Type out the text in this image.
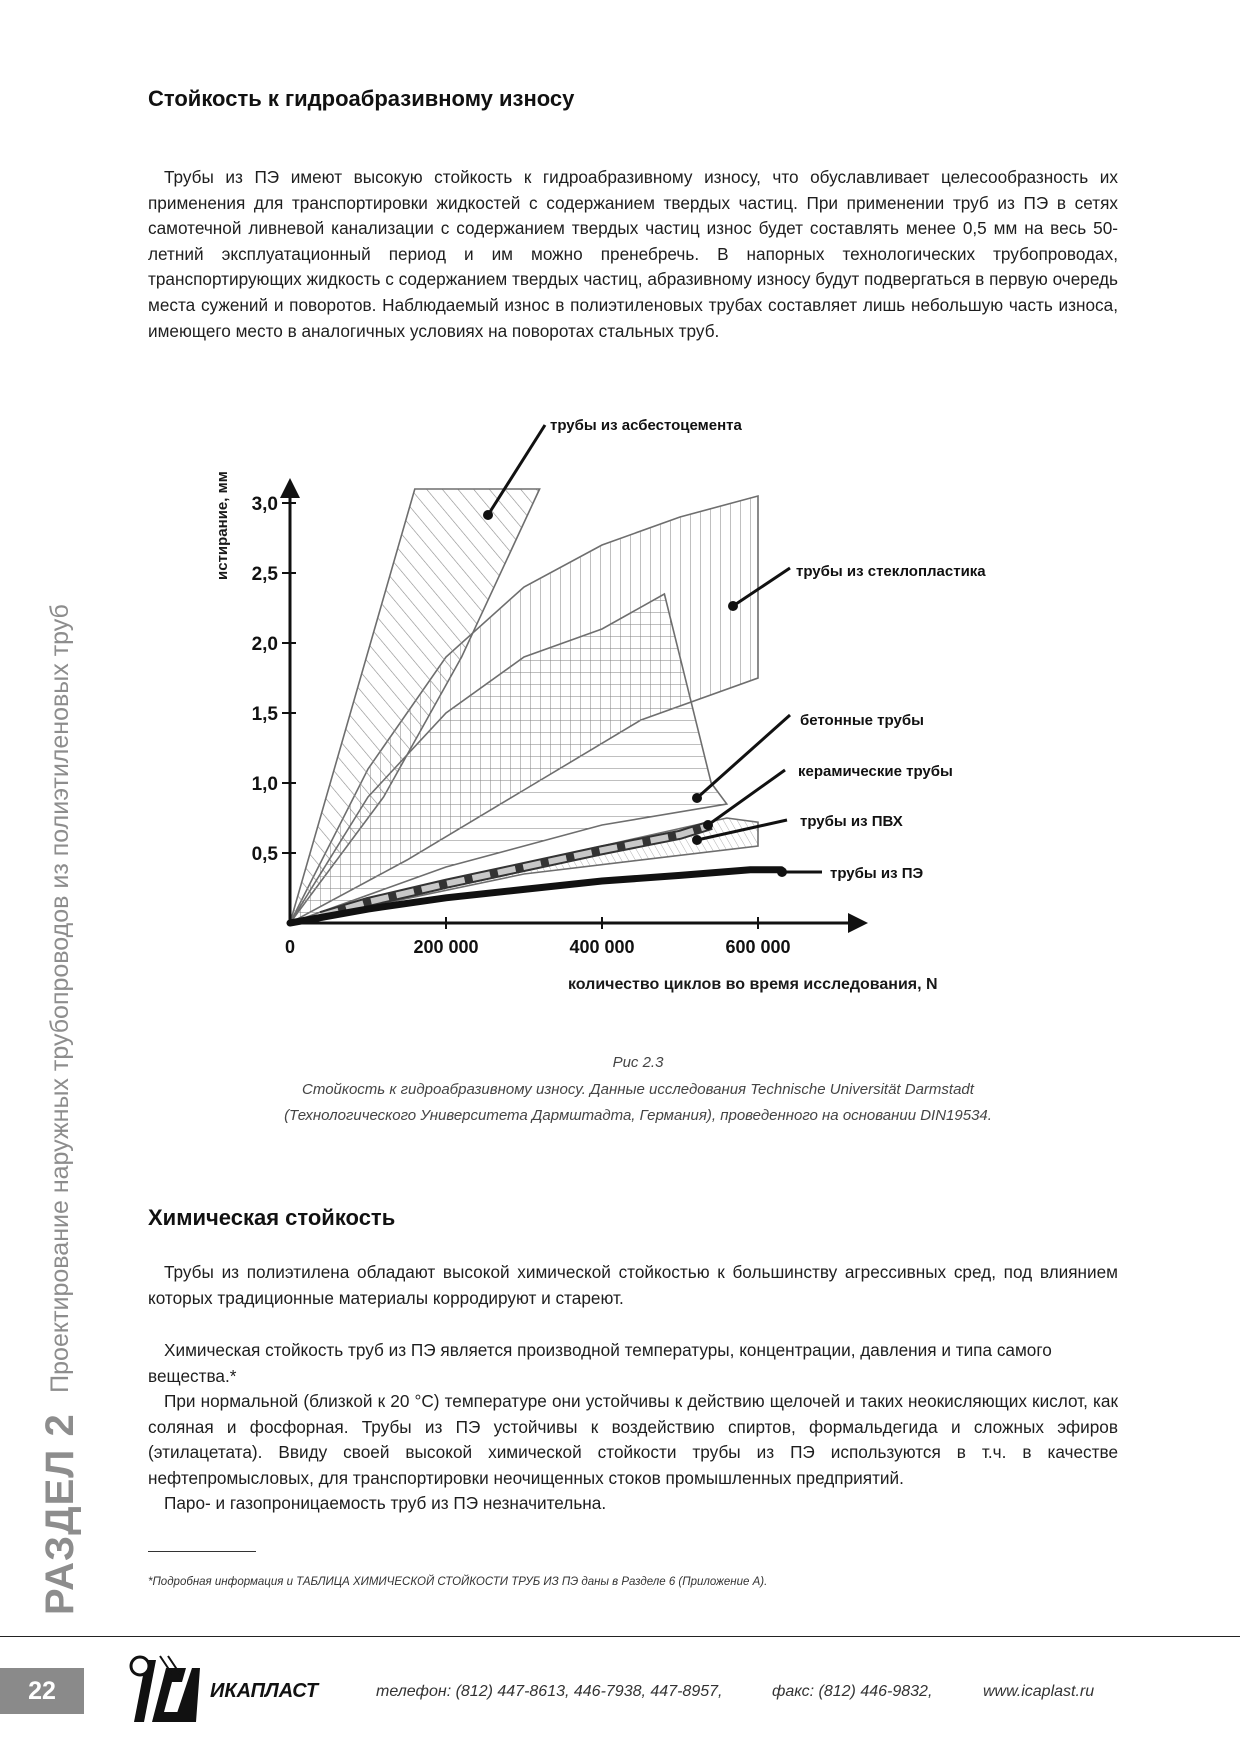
РАЗДЕЛ 2 Проектирование наружных трубопроводов из полиэтиленовых труб
Стойкость к гидроабразивному износу

Трубы из ПЭ имеют высокую стойкость к гидроабразивному износу, что обуславливает целесообразность их применения для транспортировки жидкостей с содержанием твердых частиц. При применении труб из ПЭ в сетях самотечной ливневой канализации с содержанием твердых частиц износ будет составлять менее 0,5 мм на весь 50-летний эксплуатационный период и им можно пренебречь. В напорных технологических трубопроводах, транспортирующих жидкость с содержанием твердых частиц, абразивному износу будут подвергаться в первую очередь места сужений и поворотов. Наблюдаемый износ в полиэтиленовых трубах составляет лишь небольшую часть износа, имеющего место в аналогичных условиях на поворотах стальных труб.

0,5
1,0
1,5
2,0
2,5
3,0
0	200 000	400 000	600 000
трубы из асбестоцемента
трубы из стеклопластика
бетонные трубы
керамические трубы
трубы из ПВХ
трубы из ПЭ
истирание, мм
количество циклов во время исследования, N
Рис 2.3
Стойкость к гидроабразивному износу. Данные исследования Technische Universität Darmstadt
(Технологического Университета Дармштадта, Германия), проведенного на основании DIN19534.
Химическая стойкость

Трубы из полиэтилена обладают высокой химической стойкостью к большинству агрессивных сред, под влиянием которых традиционные материалы корродируют и стареют.

Химическая стойкость труб из ПЭ является производной температуры, концентрации, давления и типа самого вещества.*

При нормальной (близкой к 20 °С) температуре они устойчивы к действию щелочей и таких неокисляющих кислот, как соляная и фосфорная. Трубы из ПЭ устойчивы к воздействию спиртов, формальдегида и сложных эфиров (этилацетата). Ввиду своей высокой химической стойкости трубы из ПЭ используются в т.ч. в качестве нефтепромысловых, для транспортировки неочищенных стоков промышленных предприятий.

Паро- и газопроницаемость труб из ПЭ незначительна.

*Подробная информация и ТАБЛИЦА ХИМИЧЕСКОЙ СТОЙКОСТИ ТРУБ ИЗ ПЭ даны в Разделе 6 (Приложение А).
22	ИКАПЛАСТ	телефон: (812) 447-8613, 446-7938, 447-8957,	факс: (812) 446-9832,	www.icaplast.ru
